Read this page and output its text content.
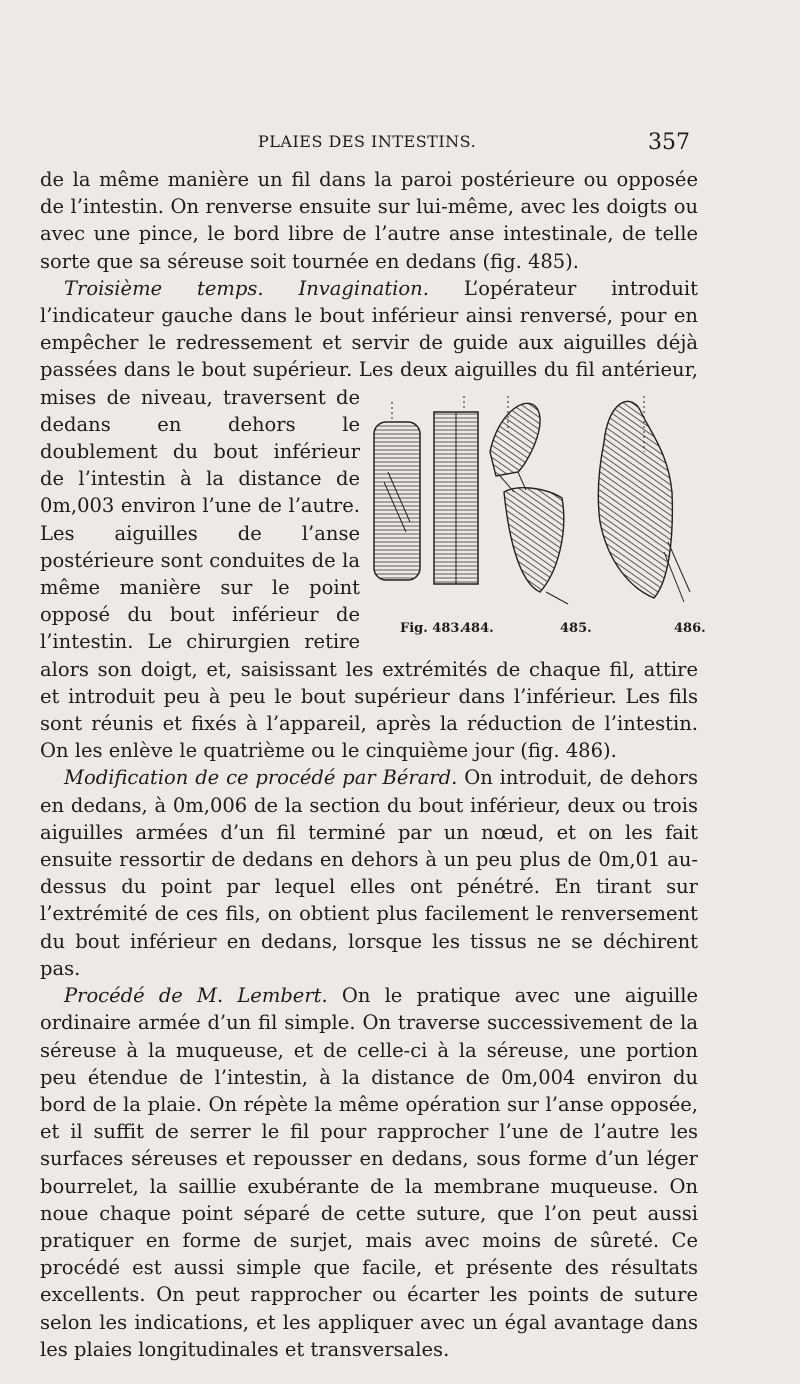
PLAIES DES INTESTINS.	357

de la même manière un fil dans la paroi postérieure ou opposée de l’intestin. On renverse ensuite sur lui-même, avec les doigts ou avec une pince, le bord libre de l’autre anse intestinale, de telle sorte que sa séreuse soit tournée en dedans (fig. 485).

Troisième temps. Invagination. L’opérateur introduit l’indicateur gauche dans le bout inférieur ainsi renversé, pour en empêcher le redressement et servir de guide aux aiguilles déjà passées dans le bout supérieur. Les deux aiguilles du fil antérieur, mises
Fig. 483.
484.	485.	486.
de niveau, traversent de dedans en dehors le doublement du bout inférieur de l’intestin à la distance de 0m,003 environ l’une de l’autre. Les aiguilles de l’anse postérieure sont conduites de la même manière sur le point opposé du bout inférieur de l’intestin. Le chirurgien retire alors son doigt, et, saisissant les extrémités de chaque fil, attire et introduit peu à peu le bout supérieur dans l’inférieur. Les fils sont réunis et fixés à l’appareil, après la réduction de l’intestin. On les enlève le quatrième ou le cinquième jour (fig. 486).

Modification de ce procédé par Bérard. On introduit, de dehors en dedans, à 0m,006 de la section du bout inférieur, deux ou trois aiguilles armées d’un fil terminé par un nœud, et on les fait ensuite ressortir de dedans en dehors à un peu plus de 0m,01 au-dessus du point par lequel elles ont pénétré. En tirant sur l’extrémité de ces fils, on obtient plus facilement le renversement du bout inférieur en dedans, lorsque les tissus ne se déchirent pas.

Procédé de M. Lembert. On le pratique avec une aiguille ordinaire armée d’un fil simple. On traverse successivement de la séreuse à la muqueuse, et de celle-ci à la séreuse, une portion peu étendue de l’intestin, à la distance de 0m,004 environ du bord de la plaie. On répète la même opération sur l’anse opposée, et il suffit de serrer le fil pour rapprocher l’une de l’autre les surfaces séreuses et repousser en dedans, sous forme d’un léger bourrelet, la saillie exubérante de la membrane muqueuse. On noue chaque point séparé de cette suture, que l’on peut aussi pratiquer en forme de surjet, mais avec moins de sûreté. Ce procédé est aussi simple que facile, et présente des résultats excellents. On peut rapprocher ou écarter les points de suture selon les indications, et les appliquer avec un égal avantage dans les plaies longitudinales et transversales.
